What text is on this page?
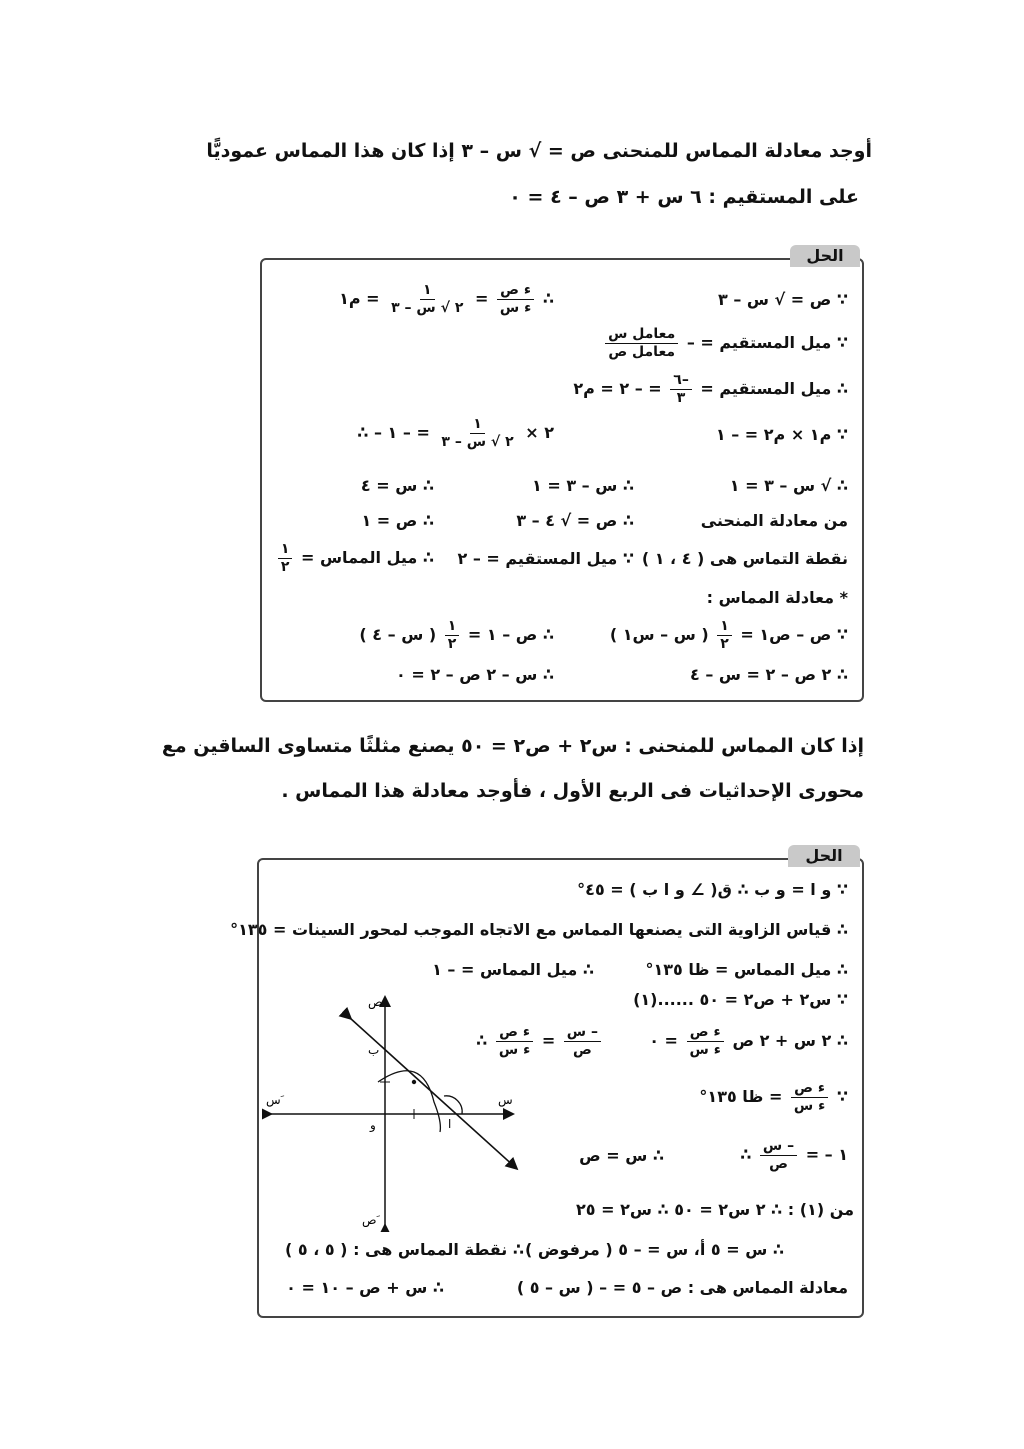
أوجد معادلة المماس للمنحنى ص = √ س – ٣ إذا كان هذا المماس عموديًّا
على المستقيم : ٦ س + ٣ ص – ٤ = ٠
الحل
∵ ص = √ س – ٣
∴
$\frac{\text{ء ص}}{\text{ء س}}$
=
$\frac{١}{\text{٢ √ س – ٣}}$
= م١
∵ ميل المستقيم = –
$\frac{\text{معامل س}}{\text{معامل ص}}$
∴ ميل المستقيم =
$\frac{-٦}{٣}$
= – ٢ = م٢
∵ م١ × م٢ = – ١
∴ – ٢ ×
$\frac{١}{\text{٢ √ س – ٣}}$
= – ١
∴ √ س – ٣ = ١
∴ س – ٣ = ١
∴ س = ٤
من معادلة المنحنى
∴ ص = √ ٤ – ٣
∴ ص = ١
نقطة التماس هى ( ٤ ، ١ )
∵ ميل المستقيم = – ٢
∴ ميل المماس =
$\frac{١}{٢}$
* معادلة المماس :
∵ ص – ص١ =
$\frac{١}{٢}$
( س – س١ )
∴ ص – ١ =
$\frac{١}{٢}$
( س – ٤ )
∴ ٢ ص – ٢ = س – ٤
∴ س – ٢ ص – ٢ = ٠
إذا كان المماس للمنحنى : س٢ + ص٢ = ٥٠ يصنع مثلثًا متساوى الساقين مع
محورى الإحداثيات فى الربع الأول ، فأوجد معادلة هذا المماس .
الحل
∵ و ا = و ب ∴ ق( ∠ و ا ب ) = ٤٥°
∴ قياس الزاوية التى يصنعها المماس مع الاتجاه الموجب لمحور السينات = ١٣٥°
∴ ميل المماس = ظا ١٣٥°
∴ ميل المماس = – ١
∵ س٢ + ص٢ = ٥٠ ......(١)
∴ ٢ س + ٢ ص
$\frac{\text{ء ص}}{\text{ء س}}$
= ٠
∴ $\frac{\text{ء ص}}{\text{ء س}} = \frac{\text{– س}}{\text{ص}}$
∵
$\frac{\text{ء ص}}{\text{ء س}}$
= ظا ١٣٥°
∴ $\frac{\text{– س}}{\text{ص}}$ = – ١
∴ س = ص
من (١) : ∴ ٢ س٢ = ٥٠ ∴ س٢ = ٢٥
∴ س = ٥ أ، س = – ٥ ( مرفوض )
∴ نقطة المماس هى : ( ٥ ، ٥ )
معادلة المماس هى : ص – ٥ = – ( س – ٥ )
∴ س + ص – ١٠ = ٠
ص
ص َ
س
س َ
و	ا
ب
